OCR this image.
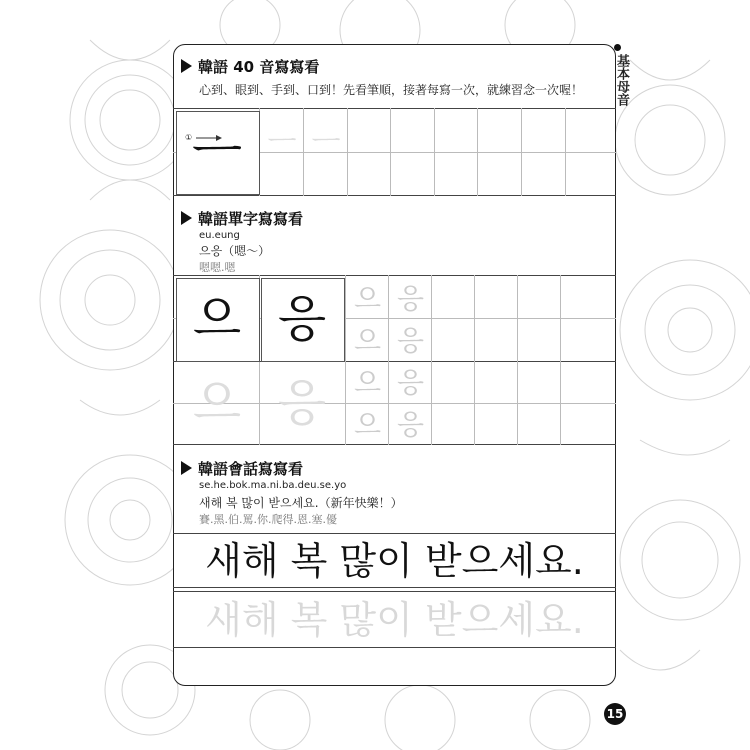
基本母音
韓語 40 音寫寫看
心到、眼到、手到、口到！先看筆順，接著每寫一次，就練習念一次喔！
① ㅡ ㅡ ㅡ
韓語單字寫寫看
eu.eung
으응（嗯～）
嗯嗯.嗯
으 응
으 응
으 응
으 응
으 응
으 응
韓語會話寫寫看
se.he.bok.ma.ni.ba.deu.se.yo
새해 복 많이 받으세요.（新年快樂！）
賽.黑.伯.罵.你.爬得.恩.塞.優
새해 복 많이 받으세요.
새해 복 많이 받으세요.
15
